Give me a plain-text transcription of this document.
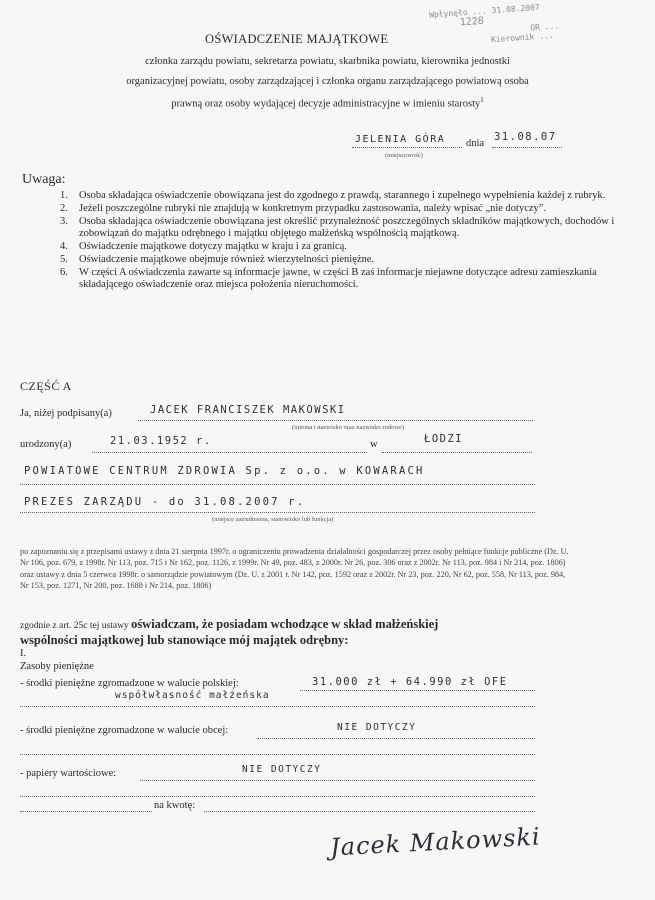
Wpłynęło ... 31.08.2007
1228	OR ...
Kierownik ...
OŚWIADCZENIE MAJĄTKOWE
członka zarządu powiatu, sekretarza powiatu, skarbnika powiatu, kierownika jednostki
organizacyjnej powiatu, osoby zarządzającej i członka organu zarządzającego powiatową osoba
prawną oraz osoby wydającej decyzje administracyjne w imieniu starosty$^1$
JELENIA GÓRA dnia
31.08.07
(miejscowość)
Uwaga:
1.	Osoba składająca oświadczenie obowiązana jest do zgodnego z prawdą, starannego i zupełnego wypełnienia każdej z rubryk.
2.	Jeżeli poszczególne rubryki nie znajdują w konkretnym przypadku zastosowania, należy wpisać „nie dotyczy”.
3.	Osoba składająca oświadczenie obowiązana jest określić przynależność poszczególnych składników majątkowych, dochodów i zobowiązań do majątku odrębnego i majątku objętego małżeńską wspólnością majątkową.
4.	Oświadczenie majątkowe dotyczy majątku w kraju i za granicą.
5.	Oświadczenie majątkowe obejmuje również wierzytelności pieniężne.
6.	W części A oświadczenia zawarte są informacje jawne, w części B zaś informacje niejawne dotyczące adresu zamieszkania składającego oświadczenie oraz miejsca położenia nieruchomości.
CZĘŚĆ A
Ja, niżej podpisany(a)	JACEK FRANCISZEK MAKOWSKI
(imiona i nazwisko oraz nazwisko rodowe)
urodzony(a)	21.03.1952 r.	w	ŁODZI
POWIATOWE CENTRUM ZDROWIA Sp. z o.o. w KOWARACH
PREZES ZARZĄDU - do 31.08.2007 r.
(miejsce zatrudnienia, stanowisko lub funkcja)
po zapoznaniu się z przepisami ustawy z dnia 21 sierpnia 1997r. o ograniczeniu prowadzenia działalności gospodarczej przez osoby pełniące funkcje publiczne (Dz. U. Nr 106, poz. 679, z 1998r. Nr 113, poz. 715 i Nr 162, poz. 1126, z 1999r. Nr 49, poz. 483, z 2000r. Nr 26, poz. 306 oraz z 2002r. Nr 113, poz. 984 i Nr 214, poz. 1806) oraz ustawy z dnia 5 czerwca 1998r. o samorządzie powiatowym (Dz. U. z 2001 r. Nr 142, poz. 1592 oraz z 2002r. Nr 23, poz. 220, Nr 62, poz. 558, Nr 113, poz. 984, Nr 153, poz. 1271, Nr 200, poz. 1688 i Nr 214, poz. 1806)
zgodnie z art. 25c tej ustawy oświadczam, że posiadam wchodzące w skład małżeńskiej
wspólności majątkowej lub stanowiące mój majątek odrębny:
I.
Zasoby pieniężne
- środki pieniężne zgromadzone w walucie polskiej:	31.000 zł + 64.990 zł OFE
współwłasność małżeńska
- środki pieniężne zgromadzone w walucie obcej:	NIE DOTYCZY
- papiery wartościowe:	NIE DOTYCZY
na kwotę:
Jacek Makowski
